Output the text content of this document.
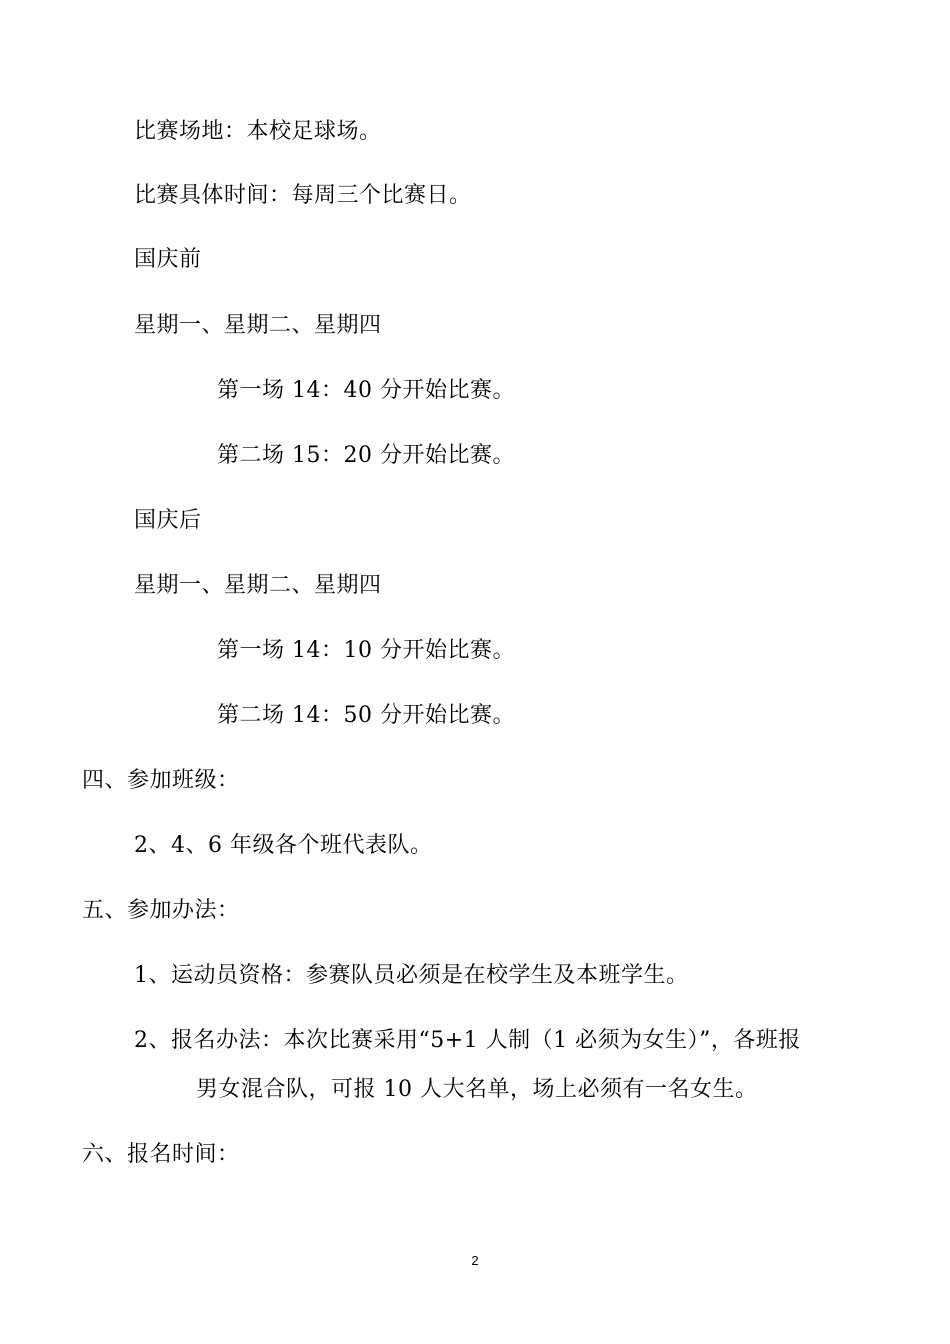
比赛场地：本校足球场。
比赛具体时间：每周三个比赛日。
国庆前
星期一、星期二、星期四
第一场 14：40 分开始比赛。
第二场 15：20 分开始比赛。
国庆后
星期一、星期二、星期四
第一场 14：10 分开始比赛。
第二场 14：50 分开始比赛。
四、参加班级：
2、4、6 年级各个班代表队。
五、参加办法：
1、运动员资格：参赛队员必须是在校学生及本班学生。
2、报名办法：本次比赛采用“5+1 人制（1 必须为女生）”，各班报
男女混合队，可报 10 人大名单，场上必须有一名女生。
六、报名时间：
2
